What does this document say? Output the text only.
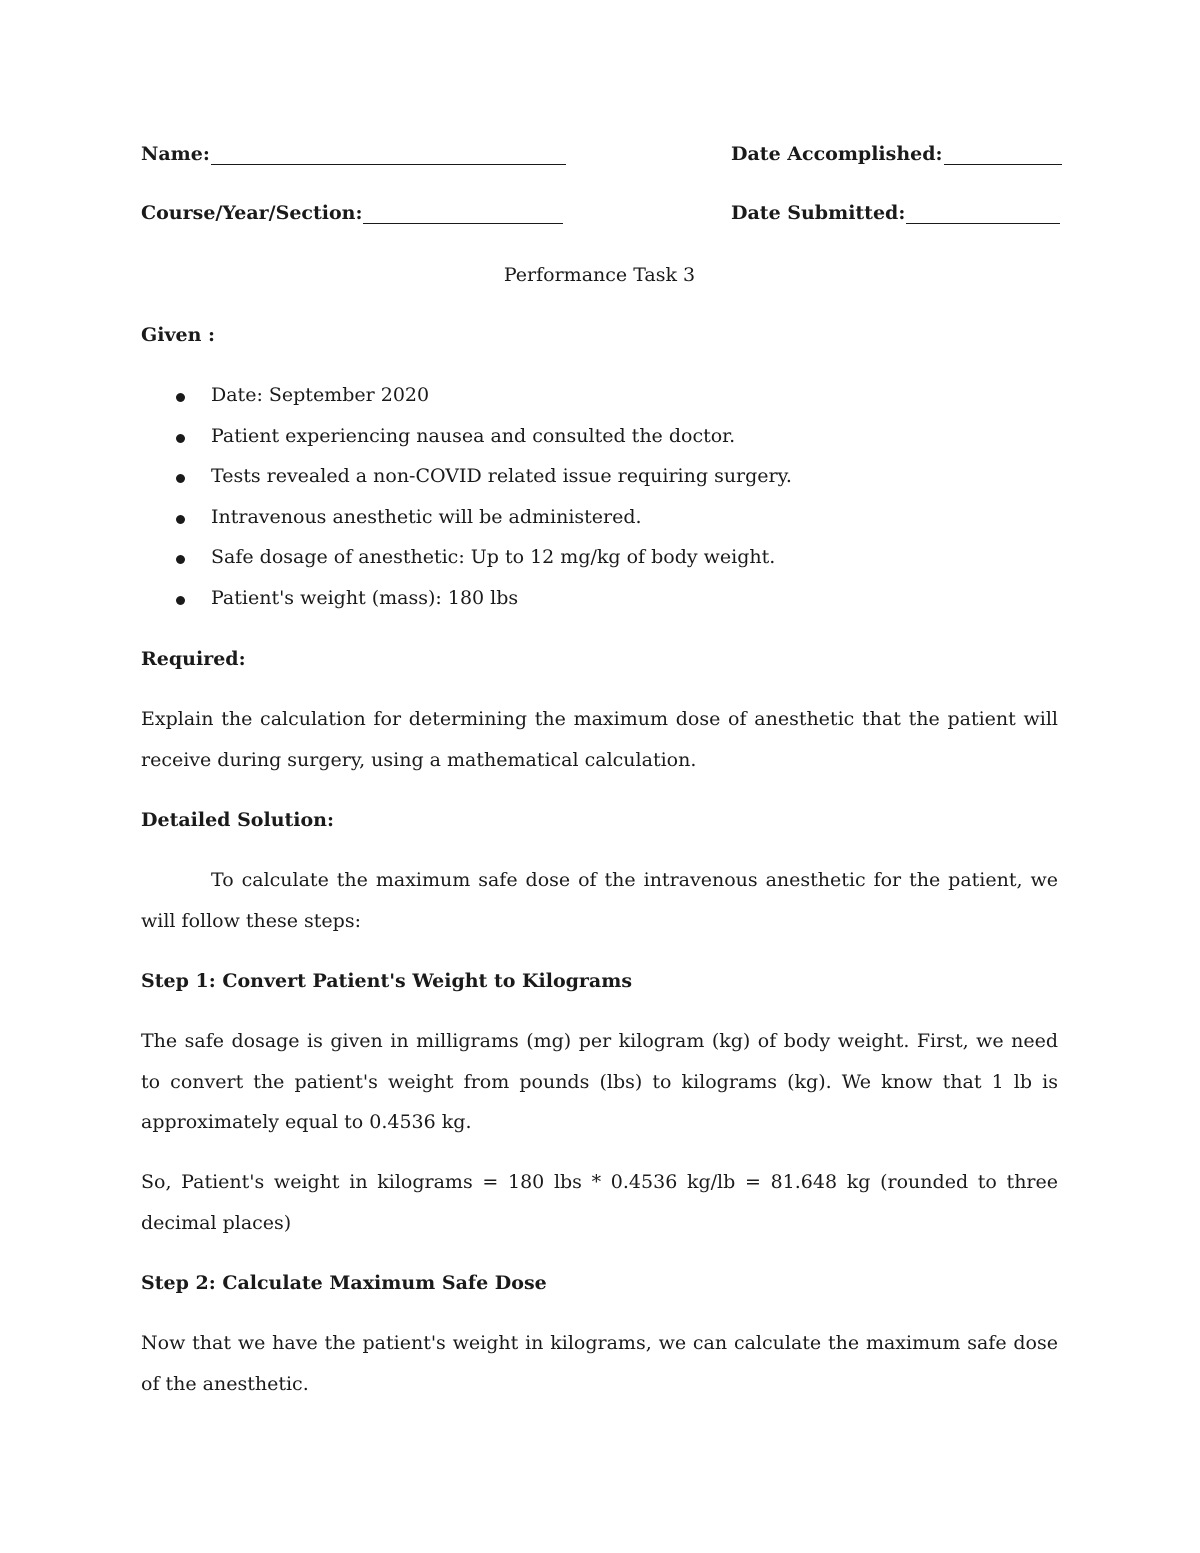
Name:	Date Accomplished:
Course/Year/Section:	Date Submitted:
Performance Task 3
Given :
Date: September 2020
Patient experiencing nausea and consulted the doctor.
Tests revealed a non-COVID related issue requiring surgery.
Intravenous anesthetic will be administered.
Safe dosage of anesthetic: Up to 12 mg/kg of body weight.
Patient's weight (mass): 180 lbs
Required:

Explain the calculation for determining the maximum dose of anesthetic that the patient will receive during surgery, using a mathematical calculation.

Detailed Solution:

To calculate the maximum safe dose of the intravenous anesthetic for the patient, we will follow these steps:

Step 1: Convert Patient's Weight to Kilograms

The safe dosage is given in milligrams (mg) per kilogram (kg) of body weight. First, we need to convert the patient's weight from pounds (lbs) to kilograms (kg). We know that 1 lb is approximately equal to 0.4536 kg.

So, Patient's weight in kilograms = 180 lbs * 0.4536 kg/lb = 81.648 kg (rounded to three decimal places)

Step 2: Calculate Maximum Safe Dose

Now that we have the patient's weight in kilograms, we can calculate the maximum safe dose of the anesthetic.
